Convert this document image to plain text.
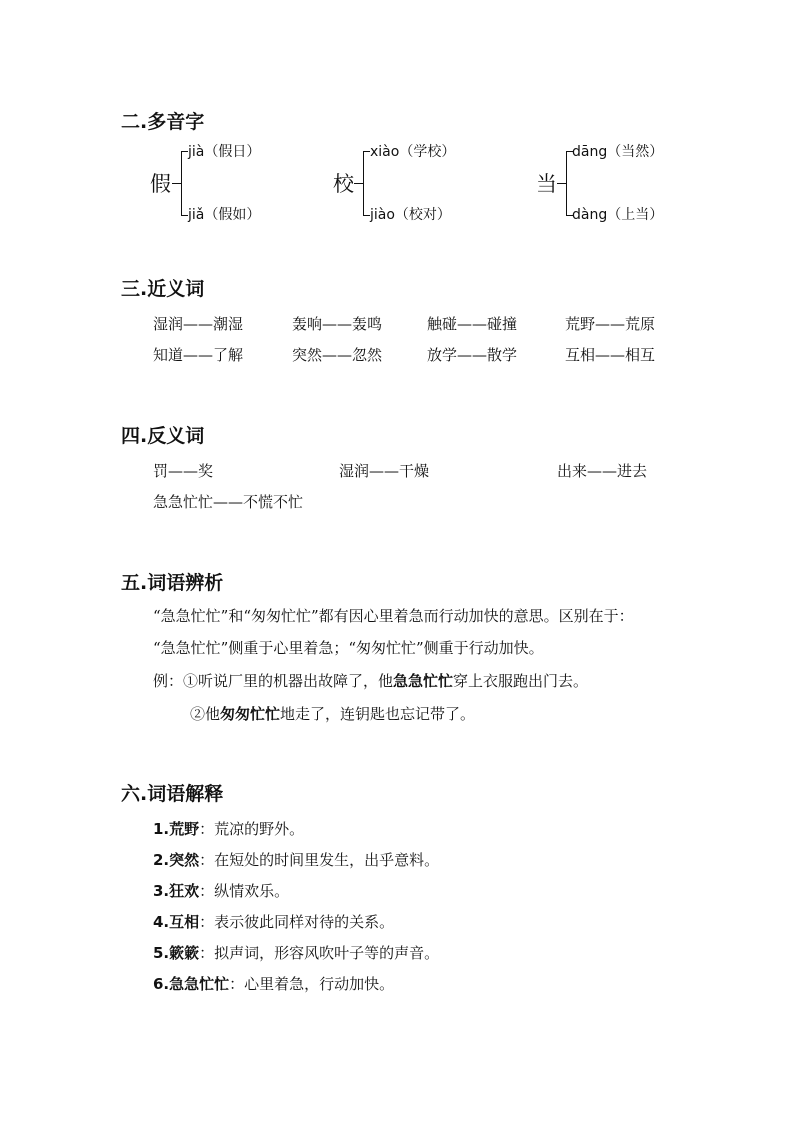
二.多音字
假
jià（假日）
jiǎ（假如）
校
xiào（学校）
jiào（校对）
当
dāng（当然）
dàng（上当）
三.近义词
湿润——潮湿	轰响——轰鸣	触碰——碰撞	荒野——荒原
知道——了解	突然——忽然	放学——散学	互相——相互
四.反义词
罚——奖	湿润——干燥	出来——进去
急急忙忙——不慌不忙
五.词语辨析
“急急忙忙”和“匆匆忙忙”都有因心里着急而行动加快的意思。区别在于：
“急急忙忙”侧重于心里着急；“匆匆忙忙”侧重于行动加快。
例：①听说厂里的机器出故障了，他急急忙忙穿上衣服跑出门去。
②他匆匆忙忙地走了，连钥匙也忘记带了。
六.词语解释
1.荒野：荒凉的野外。
2.突然：在短处的时间里发生，出乎意料。
3.狂欢：纵情欢乐。
4.互相：表示彼此同样对待的关系。
5.簌簌：拟声词，形容风吹叶子等的声音。
6.急急忙忙：心里着急，行动加快。
